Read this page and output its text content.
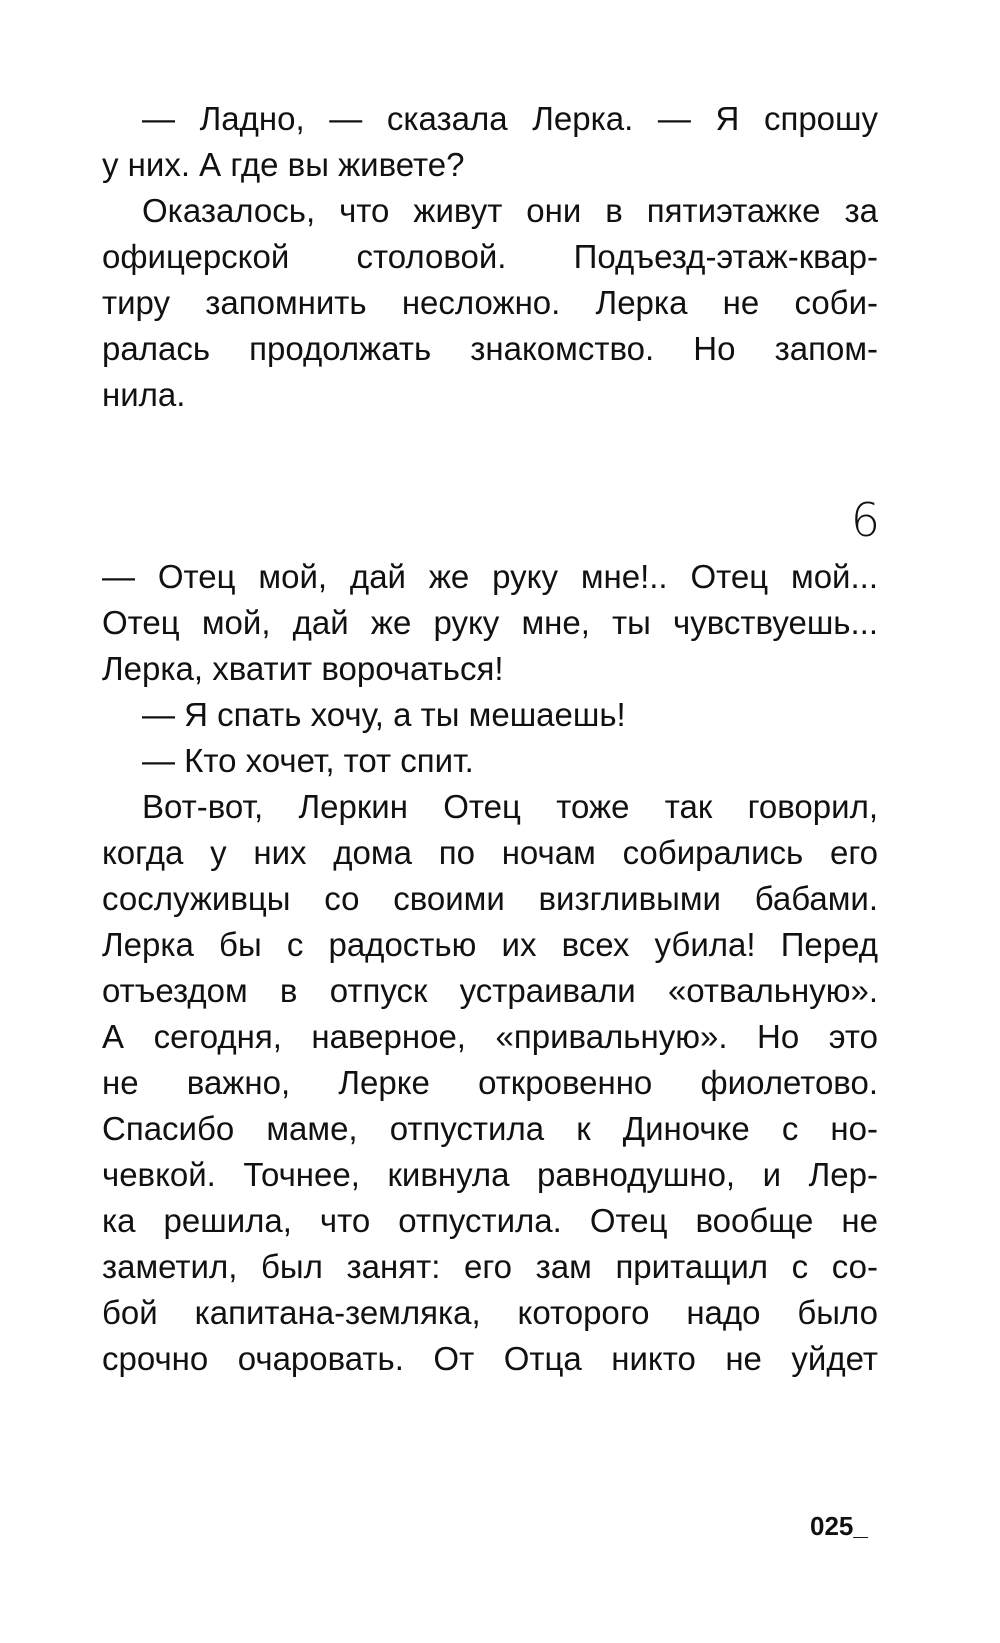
— Ладно, — сказала Лерка. — Я спрошу
у них. А где вы живете?
Оказалось, что живут они в пятиэтажке за
офицерской столовой. Подъезд-этаж-квар-
тиру запомнить несложно. Лерка не соби-
ралась продолжать знакомство. Но запом-
нила.
6
— Отец мой, дай же руку мне!.. Отец мой...
Отец мой, дай же руку мне, ты чувствуешь...
Лерка, хватит ворочаться!
— Я спать хочу, а ты мешаешь!
— Кто хочет, тот спит.
Вот-вот, Леркин Отец тоже так говорил,
когда у них дома по ночам собирались его
сослуживцы со своими визгливыми бабами.
Лерка бы с радостью их всех убила! Перед
отъездом в отпуск устраивали «отвальную».
А сегодня, наверное, «привальную». Но это
не важно, Лерке откровенно фиолетово.
Спасибо маме, отпустила к Диночке с но-
чевкой. Точнее, кивнула равнодушно, и Лер-
ка решила, что отпустила. Отец вообще не
заметил, был занят: его зам притащил с со-
бой капитана-земляка, которого надо было
срочно очаровать. От Отца никто не уйдет
025_
